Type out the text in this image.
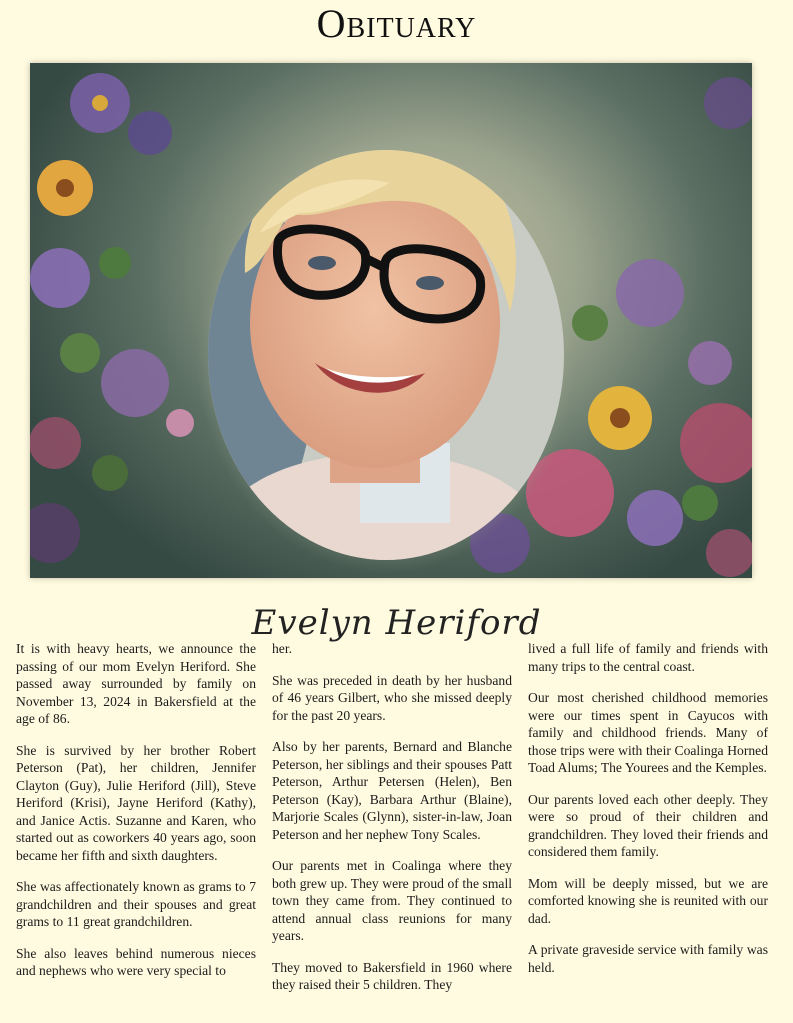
Obituary
Evelyn Heriford

It is with heavy hearts, we announce the passing of our mom Evelyn Heriford. She passed away surrounded by family on November 13, 2024 in Bakersfield at the age of 86.

She is survived by her brother Robert Peterson (Pat), her children, Jennifer Clayton (Guy), Julie Heriford (Jill), Steve Heriford (Krisi), Jayne Heriford (Kathy), and Janice Actis. Suzanne and Karen, who started out as coworkers 40 years ago, soon became her fifth and sixth daughters.

She was affectionately known as grams to 7 grandchildren and their spouses and great grams to 11 great grandchildren.

She also leaves behind numerous nieces and nephews who were very special to

her.

She was preceded in death by her husband of 46 years Gilbert, who she missed deeply for the past 20 years.

Also by her parents, Bernard and Blanche Peterson, her siblings and their spouses Patt Peterson, Arthur Petersen (Helen), Ben Peterson (Kay), Barbara Arthur (Blaine), Marjorie Scales (Glynn), sister-in-law, Joan Peterson and her nephew Tony Scales.

Our parents met in Coalinga where they both grew up. They were proud of the small town they came from. They continued to attend annual class reunions for many years.

They moved to Bakersfield in 1960 where they raised their 5 children. They

lived a full life of family and friends with many trips to the central coast.

Our most cherished childhood memories were our times spent in Cayucos with family and childhood friends. Many of those trips were with their Coalinga Horned Toad Alums; The Yourees and the Kemples.

Our parents loved each other deeply. They were so proud of their children and grandchildren. They loved their friends and considered them family.

Mom will be deeply missed, but we are comforted knowing she is reunited with our dad.

A private graveside service with family was held.
